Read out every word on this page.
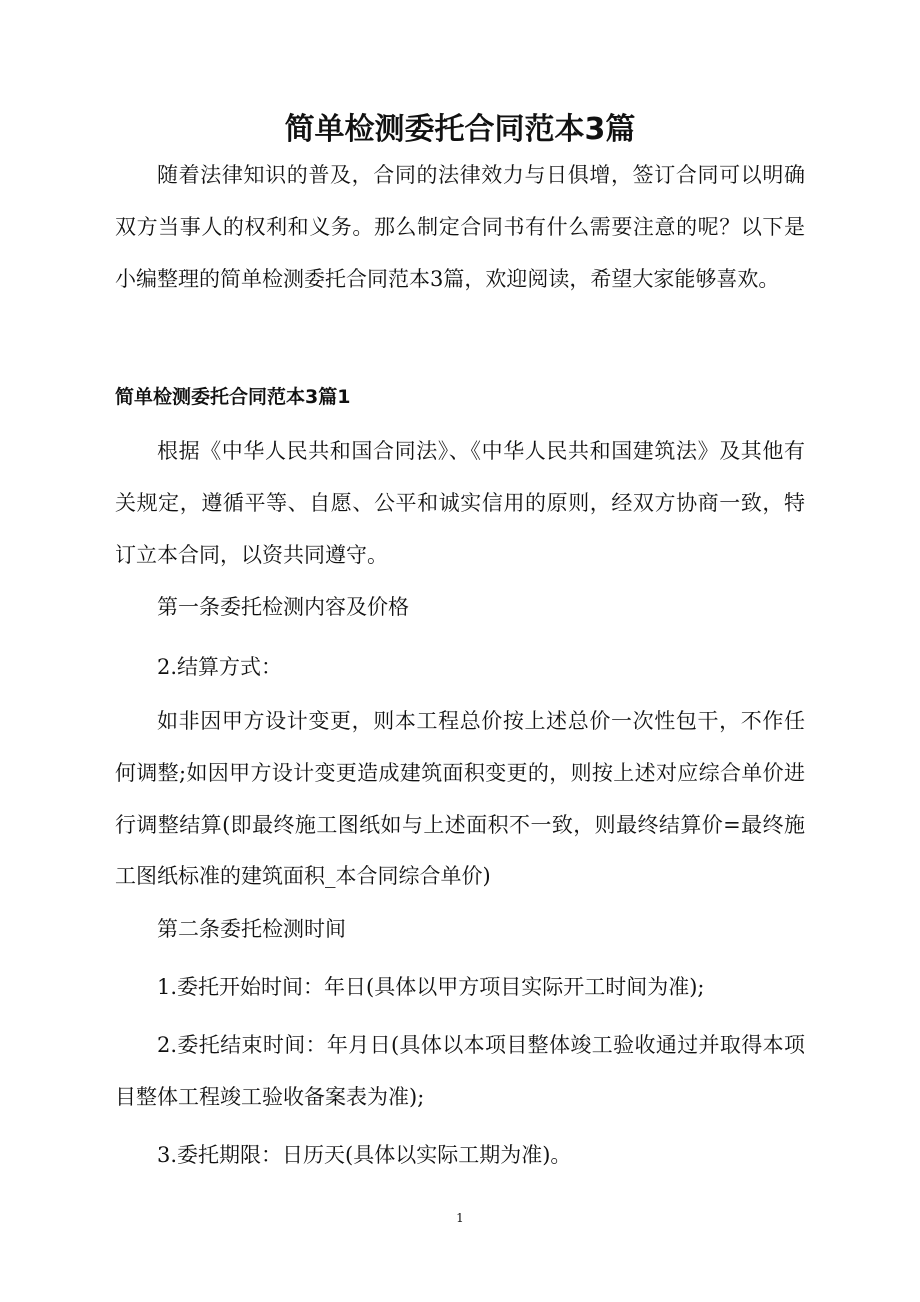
简单检测委托合同范本3篇

随着法律知识的普及，合同的法律效力与日俱增，签订合同可以明确双方当事人的权利和义务。那么制定合同书有什么需要注意的呢？以下是小编整理的简单检测委托合同范本3篇，欢迎阅读，希望大家能够喜欢。

简单检测委托合同范本3篇1

根据《中华人民共和国合同法》、《中华人民共和国建筑法》及其他有关规定，遵循平等、自愿、公平和诚实信用的原则，经双方协商一致，特订立本合同，以资共同遵守。

第一条委托检测内容及价格

2.结算方式：

如非因甲方设计变更，则本工程总价按上述总价一次性包干，不作任何调整;如因甲方设计变更造成建筑面积变更的，则按上述对应综合单价进行调整结算(即最终施工图纸如与上述面积不一致，则最终结算价=最终施工图纸标准的建筑面积_本合同综合单价)

第二条委托检测时间

1.委托开始时间：年日(具体以甲方项目实际开工时间为准);

2.委托结束时间：年月日(具体以本项目整体竣工验收通过并取得本项目整体工程竣工验收备案表为准);

3.委托期限：日历天(具体以实际工期为准)。

1
